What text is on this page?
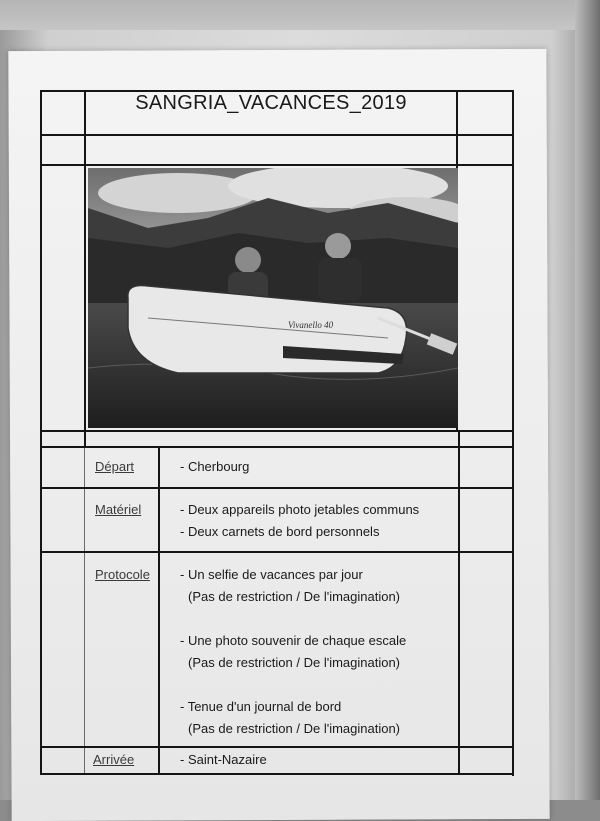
SANGRIA_VACANCES_2019
Vivanello 40
Départ
Matériel
Protocole
Arrivée
- Cherbourg
- Deux appareils photo jetables communs
- Deux carnets de bord personnels
- Un selfie de vacances par jour
(Pas de restriction / De l'imagination)
- Une photo souvenir de chaque escale
(Pas de restriction / De l'imagination)
- Tenue d'un journal de bord
(Pas de restriction / De l'imagination)
- Saint-Nazaire
